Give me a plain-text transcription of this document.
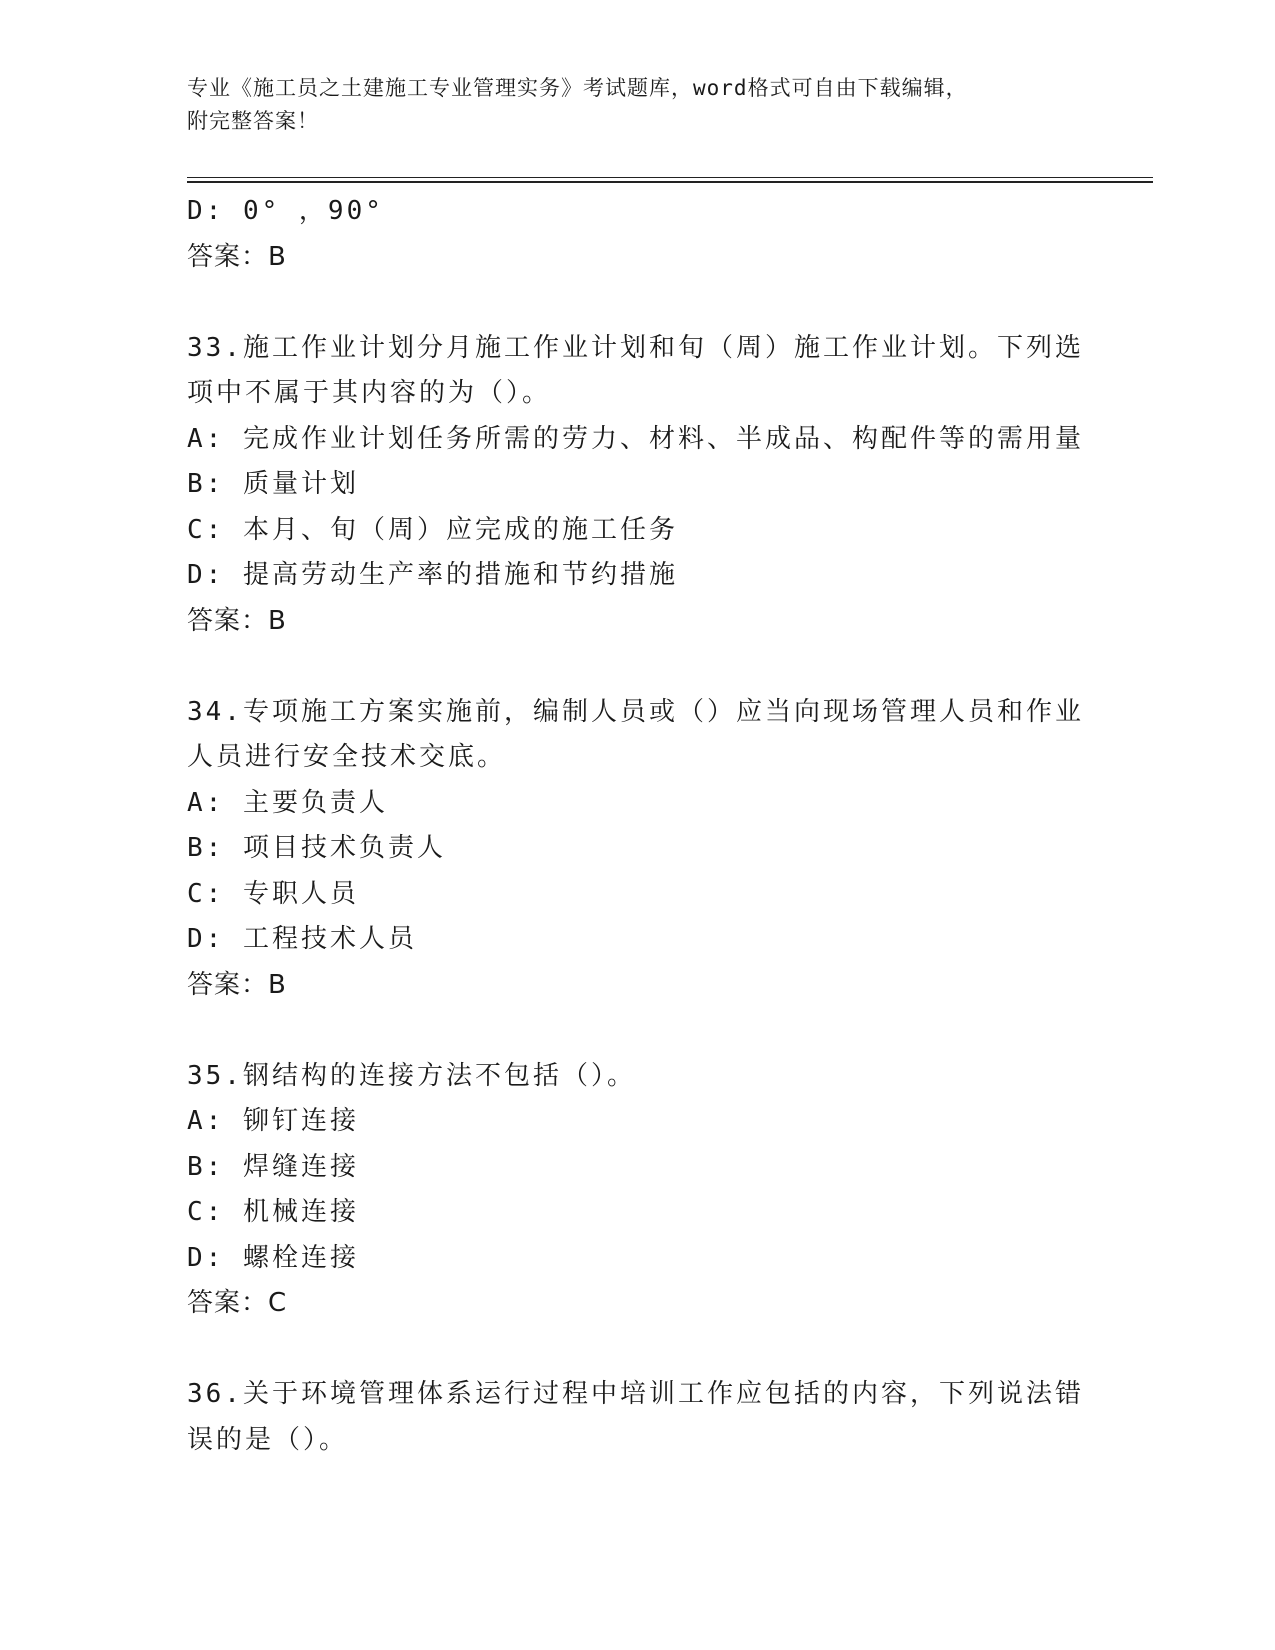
专业《施工员之土建施工专业管理实务》考试题库，word格式可自由下载编辑，
附完整答案！
D: 0° ，90°
答案：B
33.施工作业计划分月施工作业计划和旬（周）施工作业计划。下列选
项中不属于其内容的为（）。
A: 完成作业计划任务所需的劳力、材料、半成品、构配件等的需用量
B: 质量计划
C: 本月、旬（周）应完成的施工任务
D: 提高劳动生产率的措施和节约措施
答案：B
34.专项施工方案实施前，编制人员或（）应当向现场管理人员和作业
人员进行安全技术交底。
A: 主要负责人
B: 项目技术负责人
C: 专职人员
D: 工程技术人员
答案：B
35.钢结构的连接方法不包括（）。
A: 铆钉连接
B: 焊缝连接
C: 机械连接
D: 螺栓连接
答案：C
36.关于环境管理体系运行过程中培训工作应包括的内容，下列说法错
误的是（）。
